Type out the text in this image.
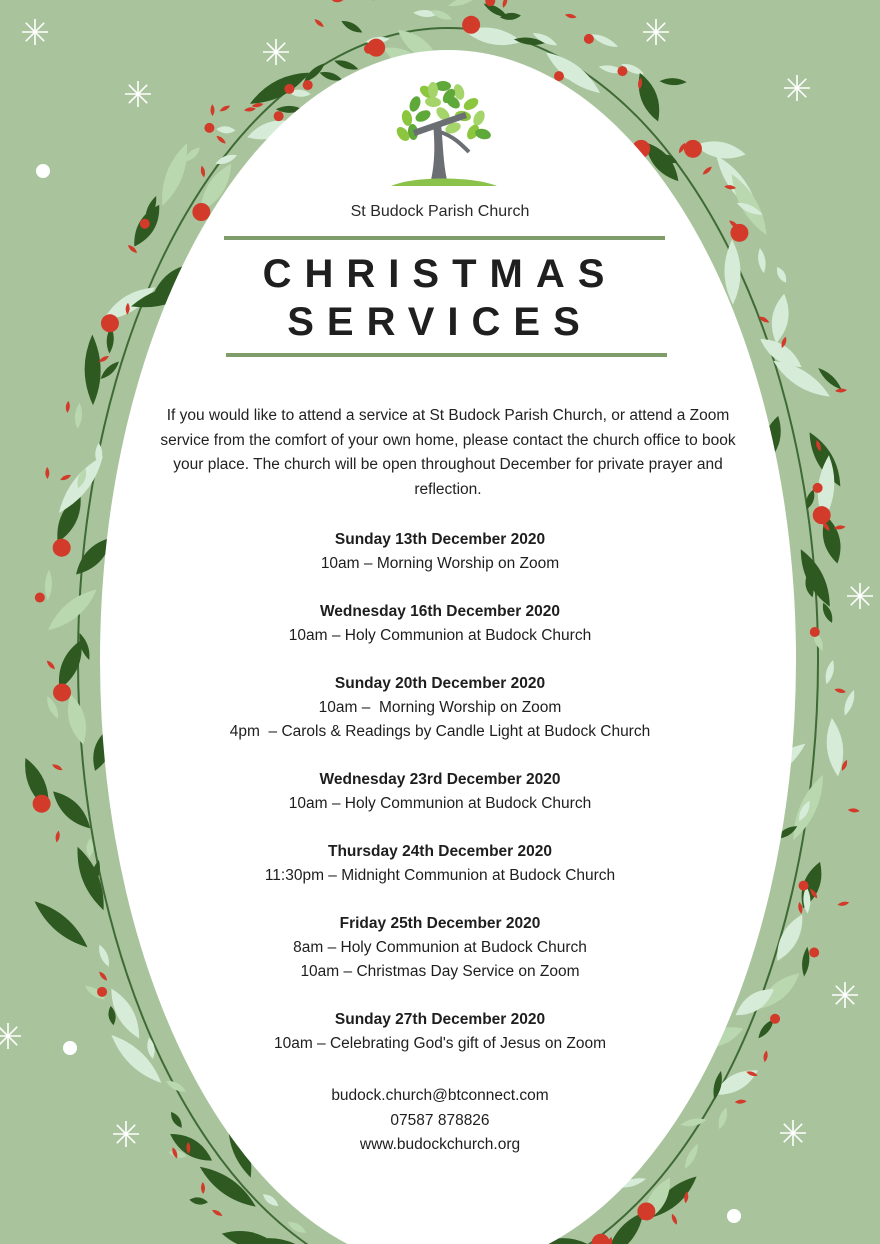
St Budock Parish Church
CHRISTMAS
SERVICES
If you would like to attend a service at St Budock Parish Church, or attend a Zoom service from the comfort of your own home, please contact the church office to book your place. The church will be open throughout December for private prayer and reflection.
Sunday 13th December 2020
10am – Morning Worship on Zoom
Wednesday 16th December 2020
10am – Holy Communion at Budock Church
Sunday 20th December 2020
10am –  Morning Worship on Zoom
4pm  – Carols & Readings by Candle Light at Budock Church
Wednesday 23rd December 2020
10am – Holy Communion at Budock Church
Thursday 24th December 2020
11:30pm – Midnight Communion at Budock Church
Friday 25th December 2020
8am – Holy Communion at Budock Church
10am – Christmas Day Service on Zoom
Sunday 27th December 2020
10am – Celebrating God's gift of Jesus on Zoom
budock.church@btconnect.com
07587 878826
www.budockchurch.org
